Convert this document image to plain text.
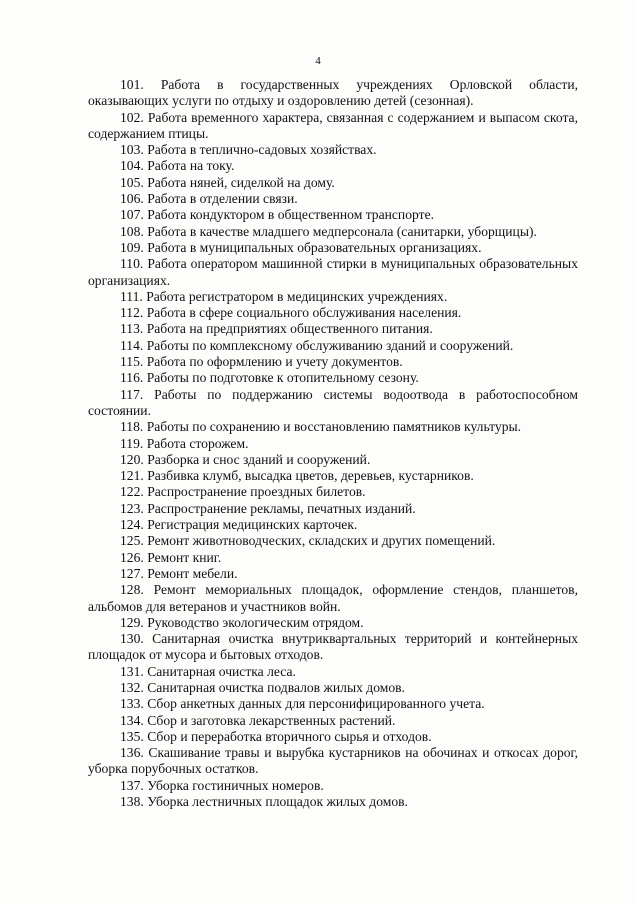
4

101. Работа в государственных учреждениях Орловской области, оказывающих услуги по отдыху и оздоровлению детей (сезонная).

102. Работа временного характера, связанная с содержанием и выпасом скота, содержанием птицы.

103. Работа в тепличнo-садовых хозяйствах.

104. Работа на току.

105. Работа няней, сиделкой на дому.

106. Работа в отделении связи.

107. Работа кондуктором в общественном транспорте.

108. Работа в качестве младшего медперсонала (санитарки, уборщицы).

109. Работа в муниципальных образовательных организациях.

110. Работа оператором машинной стирки в муниципальных образовательных организациях.

111. Работа регистратором в медицинских учреждениях.

112. Работа в сфере социального обслуживания населения.

113. Работа на предприятиях общественного питания.

114. Работы по комплексному обслуживанию зданий и сооружений.

115. Работа по оформлению и учету документов.

116. Работы по подготовке к отопительному сезону.

117. Работы по поддержанию системы водоотвода в работоспособном состоянии.

118. Работы по сохранению и восстановлению памятников культуры.

119. Работа сторожем.

120. Разборка и снос зданий и сооружений.

121. Разбивка клумб, высадка цветов, деревьев, кустарников.

122. Распространение проездных билетов.

123. Распространение рекламы, печатных изданий.

124. Регистрация медицинских карточек.

125. Ремонт животноводческих, складских и других помещений.

126. Ремонт книг.

127. Ремонт мебели.

128. Ремонт мемориальных площадок, оформление стендов, планшетов, альбомов для ветеранов и участников войн.

129. Руководство экологическим отрядом.

130. Санитарная очистка внутриквартальных территорий и контейнерных площадок от мусора и бытовых отходов.

131. Санитарная очистка леса.

132. Санитарная очистка подвалов жилых домов.

133. Сбор анкетных данных для персонифицированного учета.

134. Сбор и заготовка лекарственных растений.

135. Сбор и переработка вторичного сырья и отходов.

136. Скашивание травы и вырубка кустарников на обочинах и откосах дорог, уборка порубочных остатков.

137. Уборка гостиничных номеров.

138. Уборка лестничных площадок жилых домов.
